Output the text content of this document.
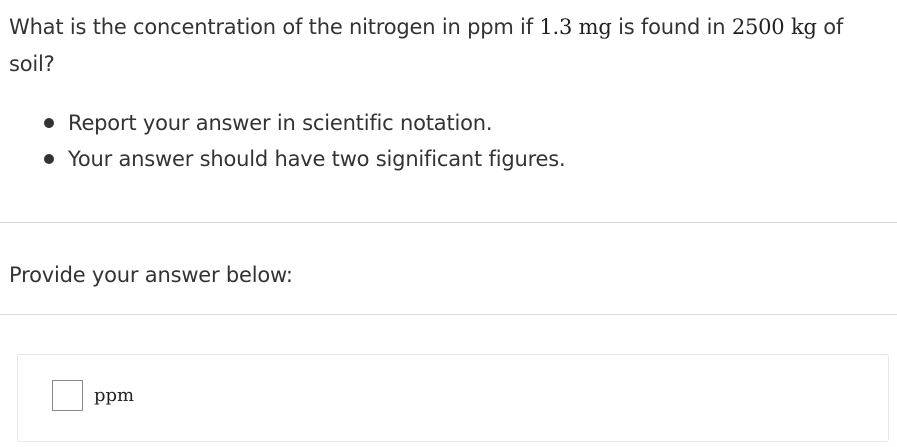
What is the concentration of the nitrogen in ppm if 1.3 mg is found in 2500 kg of soil?
Report your answer in scientific notation.
Your answer should have two significant figures.
Provide your answer below:
ppm
